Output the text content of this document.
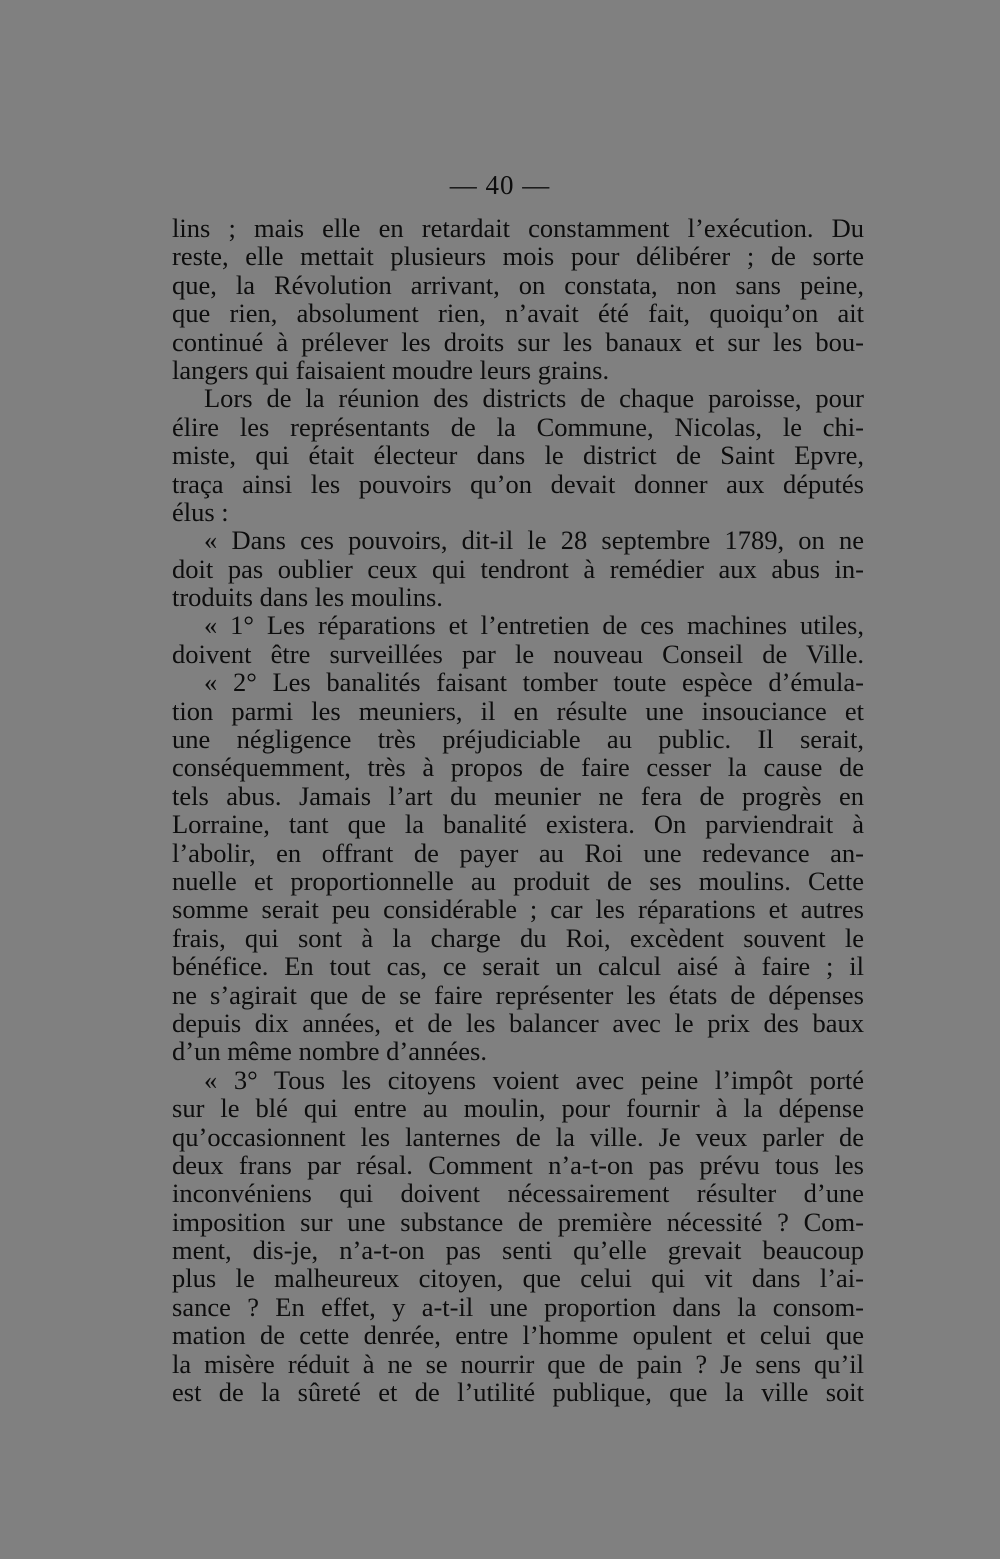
— 40 —
lins ; mais elle en retardait constamment l’exécution. Du
reste, elle mettait plusieurs mois pour délibérer ; de sorte
que, la Révolution arrivant, on constata, non sans peine,
que rien, absolument rien, n’avait été fait, quoiqu’on ait
continué à prélever les droits sur les banaux et sur les bou-
langers qui faisaient moudre leurs grains.
Lors de la réunion des districts de chaque paroisse, pour
élire les représentants de la Commune, Nicolas, le chi-
miste, qui était électeur dans le district de Saint Epvre,
traça ainsi les pouvoirs qu’on devait donner aux députés
élus :
« Dans ces pouvoirs, dit-il le 28 septembre 1789, on ne
doit pas oublier ceux qui tendront à remédier aux abus in-
troduits dans les moulins.
« 1° Les réparations et l’entretien de ces machines utiles,
doivent être surveillées par le nouveau Conseil de Ville.
« 2° Les banalités faisant tomber toute espèce d’émula-
tion parmi les meuniers, il en résulte une insouciance et
une négligence très préjudiciable au public. Il serait,
conséquemment, très à propos de faire cesser la cause de
tels abus. Jamais l’art du meunier ne fera de progrès en
Lorraine, tant que la banalité existera. On parviendrait à
l’abolir, en offrant de payer au Roi une redevance an-
nuelle et proportionnelle au produit de ses moulins. Cette
somme serait peu considérable ; car les réparations et autres
frais, qui sont à la charge du Roi, excèdent souvent le
bénéfice. En tout cas, ce serait un calcul aisé à faire ; il
ne s’agirait que de se faire représenter les états de dépenses
depuis dix années, et de les balancer avec le prix des baux
d’un même nombre d’années.
« 3° Tous les citoyens voient avec peine l’impôt porté
sur le blé qui entre au moulin, pour fournir à la dépense
qu’occasionnent les lanternes de la ville. Je veux parler de
deux frans par résal. Comment n’a-t-on pas prévu tous les
inconvéniens qui doivent nécessairement résulter d’une
imposition sur une substance de première nécessité ? Com-
ment, dis-je, n’a-t-on pas senti qu’elle grevait beaucoup
plus le malheureux citoyen, que celui qui vit dans l’ai-
sance ? En effet, y a-t-il une proportion dans la consom-
mation de cette denrée, entre l’homme opulent et celui que
la misère réduit à ne se nourrir que de pain ? Je sens qu’il
est de la sûreté et de l’utilité publique, que la ville soit
